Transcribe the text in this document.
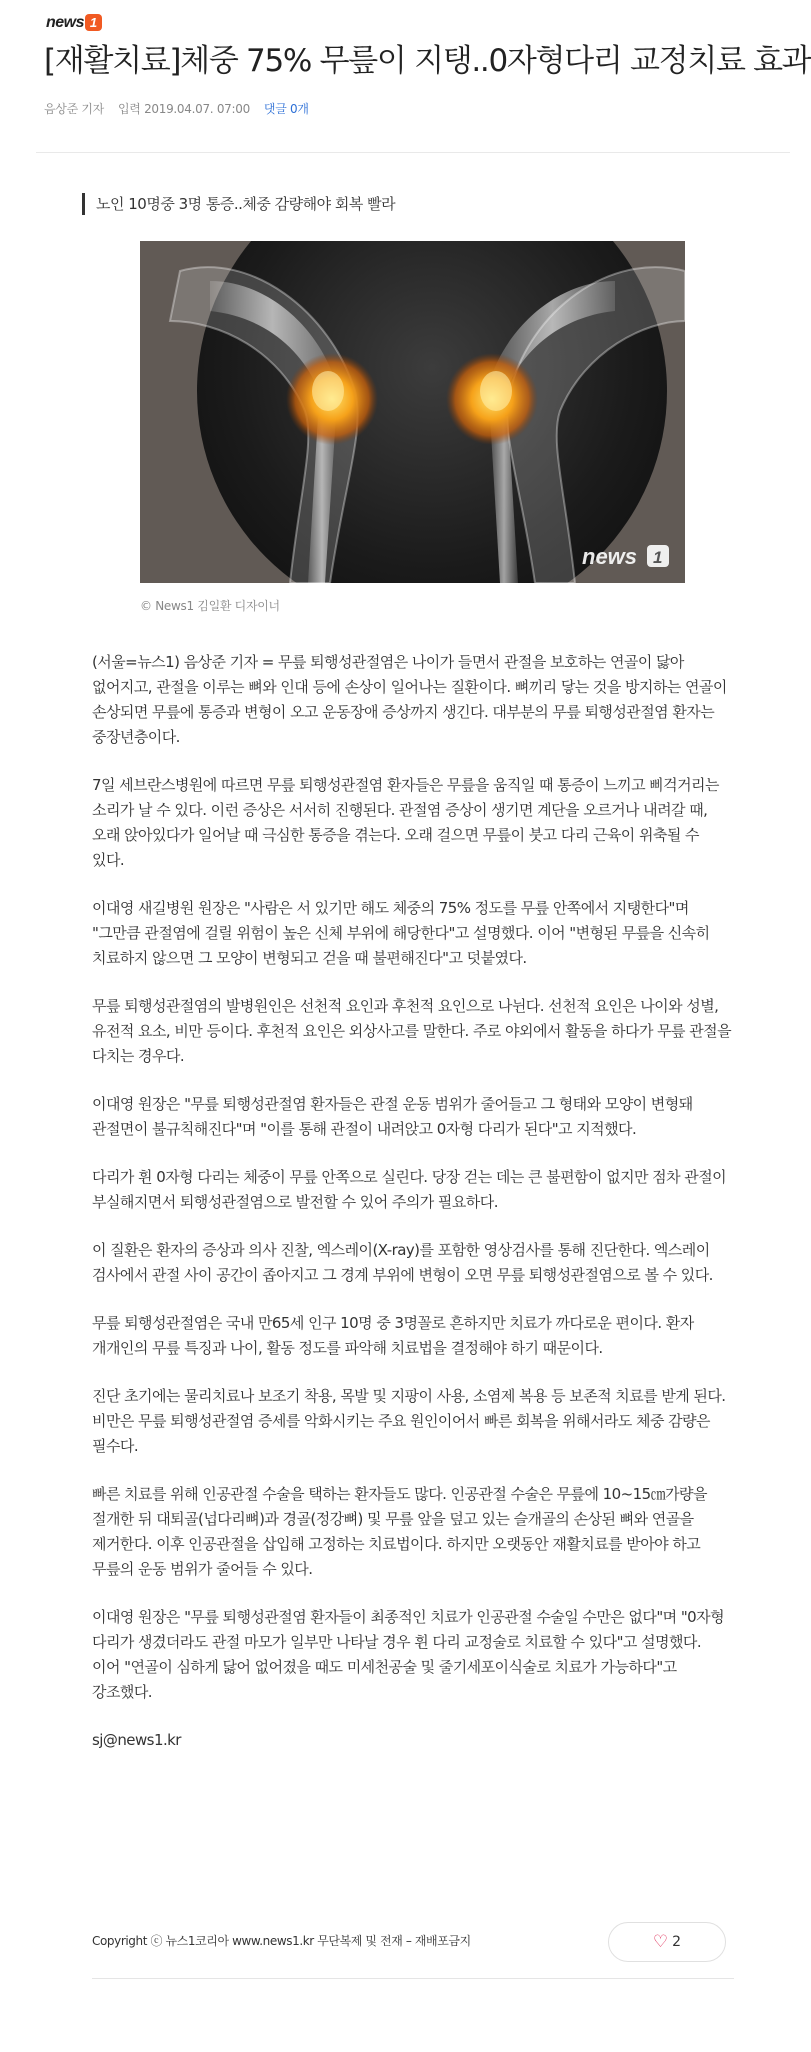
news 1
[재활치료]체중 75% 무릎이 지탱..0자형다리 교정치료 효과
음상준 기자 입력 2019.04.07. 07:00 댓글 0개
노인 10명중 3명 통증..체중 감량해야 회복 빨라
news 1
© News1 김일환 디자이너

(서울=뉴스1) 음상준 기자 = 무릎 퇴행성관절염은 나이가 들면서 관절을 보호하는 연골이 닳아 없어지고, 관절을 이루는 뼈와 인대 등에 손상이 일어나는 질환이다. 뼈끼리 닿는 것을 방지하는 연골이 손상되면 무릎에 통증과 변형이 오고 운동장애 증상까지 생긴다. 대부분의 무릎 퇴행성관절염 환자는 중장년층이다.

7일 세브란스병원에 따르면 무릎 퇴행성관절염 환자들은 무릎을 움직일 때 통증이 느끼고 삐걱거리는 소리가 날 수 있다. 이런 증상은 서서히 진행된다. 관절염 증상이 생기면 계단을 오르거나 내려갈 때, 오래 앉아있다가 일어날 때 극심한 통증을 겪는다. 오래 걸으면 무릎이 붓고 다리 근육이 위축될 수 있다.

이대영 새길병원 원장은 "사람은 서 있기만 해도 체중의 75% 정도를 무릎 안쪽에서 지탱한다"며 "그만큼 관절염에 걸릴 위험이 높은 신체 부위에 해당한다"고 설명했다. 이어 "변형된 무릎을 신속히 치료하지 않으면 그 모양이 변형되고 걷을 때 불편해진다"고 덧붙였다.

무릎 퇴행성관절염의 발병원인은 선천적 요인과 후천적 요인으로 나뉜다. 선천적 요인은 나이와 성별, 유전적 요소, 비만 등이다. 후천적 요인은 외상사고를 말한다. 주로 야외에서 활동을 하다가 무릎 관절을 다치는 경우다.

이대영 원장은 "무릎 퇴행성관절염 환자들은 관절 운동 범위가 줄어들고 그 형태와 모양이 변형돼 관절면이 불규칙해진다"며 "이를 통해 관절이 내려앉고 0자형 다리가 된다"고 지적했다.

다리가 휜 0자형 다리는 체중이 무릎 안쪽으로 실린다. 당장 걷는 데는 큰 불편함이 없지만 점차 관절이 부실해지면서 퇴행성관절염으로 발전할 수 있어 주의가 필요하다.

이 질환은 환자의 증상과 의사 진찰, 엑스레이(X-ray)를 포함한 영상검사를 통해 진단한다. 엑스레이 검사에서 관절 사이 공간이 좁아지고 그 경계 부위에 변형이 오면 무릎 퇴행성관절염으로 볼 수 있다.

무릎 퇴행성관절염은 국내 만65세 인구 10명 중 3명꼴로 흔하지만 치료가 까다로운 편이다. 환자 개개인의 무릎 특징과 나이, 활동 정도를 파악해 치료법을 결정해야 하기 때문이다.

진단 초기에는 물리치료나 보조기 착용, 목발 및 지팡이 사용, 소염제 복용 등 보존적 치료를 받게 된다. 비만은 무릎 퇴행성관절염 증세를 악화시키는 주요 원인이어서 빠른 회복을 위해서라도 체중 감량은 필수다.

빠른 치료를 위해 인공관절 수술을 택하는 환자들도 많다. 인공관절 수술은 무릎에 10~15㎝가량을 절개한 뒤 대퇴골(넙다리뼈)과 경골(정강뼈) 및 무릎 앞을 덮고 있는 슬개골의 손상된 뼈와 연골을 제거한다. 이후 인공관절을 삽입해 고정하는 치료법이다. 하지만 오랫동안 재활치료를 받아야 하고 무릎의 운동 범위가 줄어들 수 있다.

이대영 원장은 "무릎 퇴행성관절염 환자들이 최종적인 치료가 인공관절 수술일 수만은 없다"며 "0자형 다리가 생겼더라도 관절 마모가 일부만 나타날 경우 휜 다리 교정술로 치료할 수 있다"고 설명했다. 이어 "연골이 심하게 닳어 없어졌을 때도 미세천공술 및 줄기세포이식술로 치료가 가능하다"고 강조했다.

sj@news1.kr

Copyright ⓒ 뉴스1코리아 www.news1.kr 무단복제 및 전재 – 재배포금지	♡ 2
